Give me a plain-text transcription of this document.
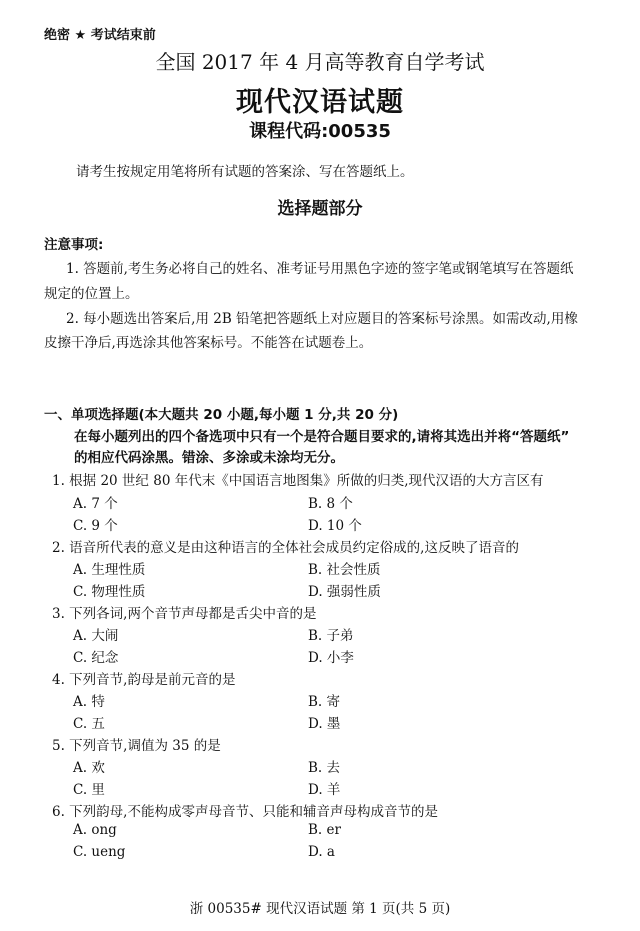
绝密 ★ 考试结束前
全国 2017 年 4 月高等教育自学考试
现代汉语试题
课程代码:00535
请考生按规定用笔将所有试题的答案涂、写在答题纸上。
选择题部分
注意事项:
1. 答题前,考生务必将自己的姓名、准考证号用黑色字迹的签字笔或钢笔填写在答题纸
规定的位置上。
2. 每小题选出答案后,用 2B 铅笔把答题纸上对应题目的答案标号涂黑。如需改动,用橡
皮擦干净后,再选涂其他答案标号。不能答在试题卷上。
一、单项选择题(本大题共 20 小题,每小题 1 分,共 20 分)
在每小题列出的四个备选项中只有一个是符合题目要求的,请将其选出并将“答题纸”
的相应代码涂黑。错涂、多涂或未涂均无分。
1. 根据 20 世纪 80 年代末《中国语言地图集》所做的归类,现代汉语的大方言区有
A. 7 个	B. 8 个
C. 9 个	D. 10 个
2. 语音所代表的意义是由这种语言的全体社会成员约定俗成的,这反映了语音的
A. 生理性质	B. 社会性质
C. 物理性质	D. 强弱性质
3. 下列各词,两个音节声母都是舌尖中音的是
A. 大闹	B. 子弟
C. 纪念	D. 小李
4. 下列音节,韵母是前元音的是
A. 特	B. 寄
C. 五	D. 墨
5. 下列音节,调值为 35 的是
A. 欢	B. 去
C. 里	D. 羊
6. 下列韵母,不能构成零声母音节、只能和辅音声母构成音节的是
A. ong	B. er
C. ueng	D. a
浙 00535# 现代汉语试题 第 1 页(共 5 页)
